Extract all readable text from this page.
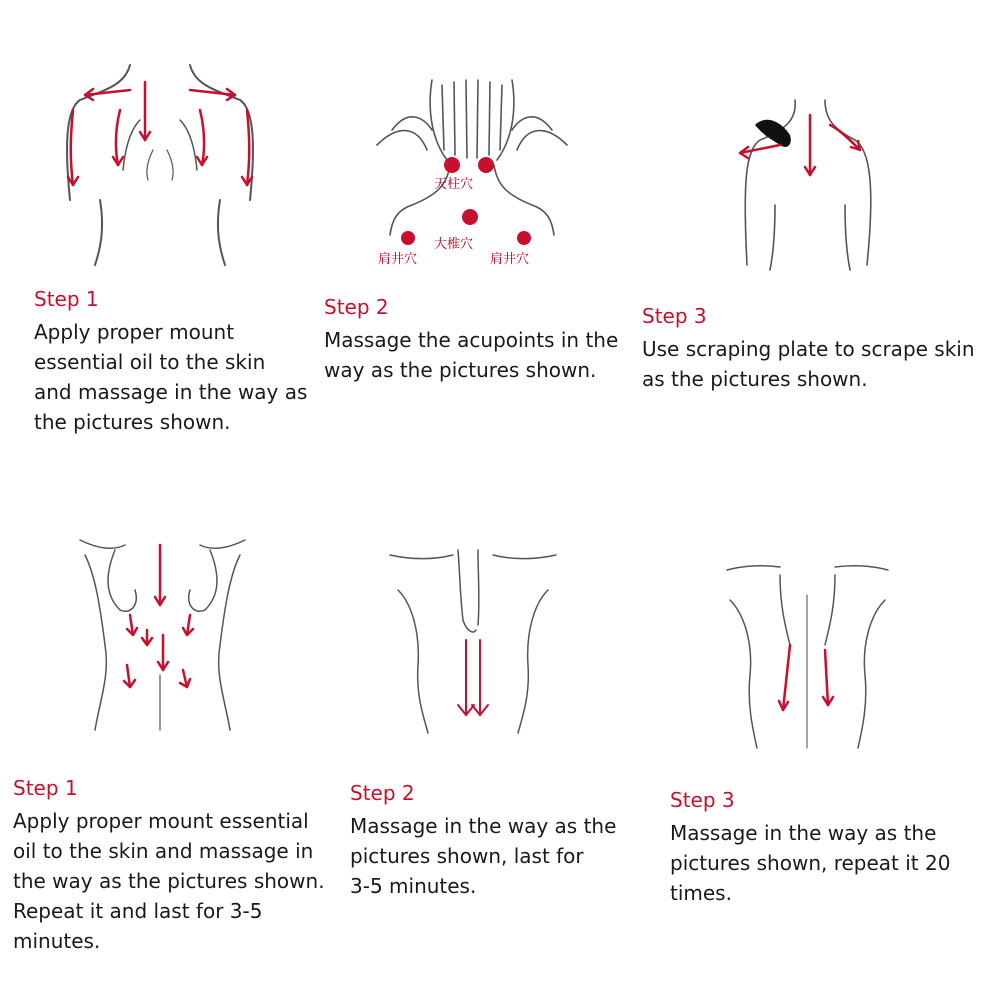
天柱穴
大椎穴
肩井穴	肩井穴
Step 1

Apply proper mount
essential oil to the skin
and massage in the way as
the pictures shown.

Step 2

Massage the acupoints in the
way as the pictures shown.

Step 3

Use scraping plate to scrape skin
as the pictures shown.

Step 1

Apply proper mount essential
oil to the skin and massage in
the way as the pictures shown.
Repeat it and last for 3-5
minutes.

Step 2

Massage in the way as the
pictures shown, last for
3-5 minutes.

Step 3

Massage in the way as the
pictures shown, repeat it 20
times.
